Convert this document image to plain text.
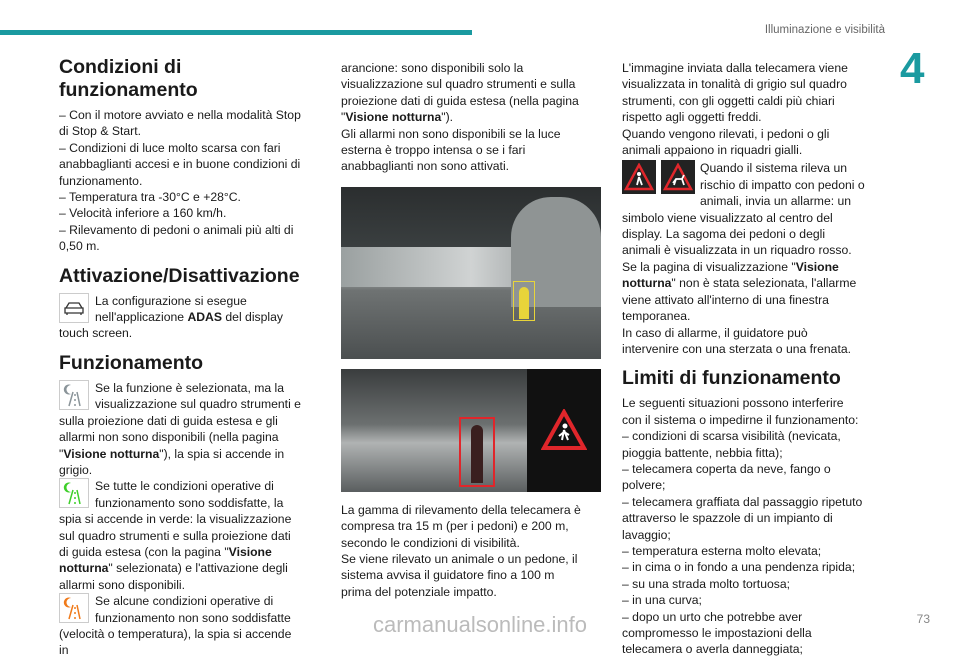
Illuminazione e visibilità
4
Condizioni di funzionamento

– Con il motore avviato e nella modalità Stop di Stop & Start.

– Condizioni di luce molto scarsa con fari anabbaglianti accesi e in buone condizioni di funzionamento.

– Temperatura tra -30°C e +28°C.

– Velocità inferiore a 160 km/h.

– Rilevamento di pedoni o animali più alti di 0,50 m.

Attivazione/Disattivazione

La configurazione si esegue nell'applicazione ADAS del display touch screen.

Funzionamento

Se la funzione è selezionata, ma la visualizzazione sul quadro strumenti e sulla proiezione dati di guida estesa e gli allarmi non sono disponibili (nella pagina "Visione notturna"), la spia si accende in grigio.

Se tutte le condizioni operative di funzionamento sono soddisfatte, la spia si accende in verde: la visualizzazione sul quadro strumenti e sulla proiezione dati di guida estesa (con la pagina "Visione notturna" selezionata) e l'attivazione degli allarmi sono disponibili.

Se alcune condizioni operative di funzionamento non sono soddisfatte (velocità o temperatura), la spia si accende in

arancione: sono disponibili solo la visualizzazione sul quadro strumenti e sulla proiezione dati di guida estesa (nella pagina "Visione notturna").

Gli allarmi non sono disponibili se la luce esterna è troppo intensa o se i fari anabbaglianti non sono attivati.

La gamma di rilevamento della telecamera è compresa tra 15 m (per i pedoni) e 200 m, secondo le condizioni di visibilità.

Se viene rilevato un animale o un pedone, il sistema avvisa il guidatore fino a 100 m prima del potenziale impatto.

L'immagine inviata dalla telecamera viene visualizzata in tonalità di grigio sul quadro strumenti, con gli oggetti caldi più chiari rispetto agli oggetti freddi.

Quando vengono rilevati, i pedoni o gli animali appaiono in riquadri gialli.

Quando il sistema rileva un rischio di impatto con pedoni o animali, invia un allarme: un simbolo viene visualizzato al centro del display. La sagoma dei pedoni o degli animali è visualizzata in un riquadro rosso.

Se la pagina di visualizzazione "Visione notturna" non è stata selezionata, l'allarme viene attivato all'interno di una finestra temporanea.

In caso di allarme, il guidatore può intervenire con una sterzata o una frenata.

Limiti di funzionamento

Le seguenti situazioni possono interferire con il sistema o impedirne il funzionamento:

– condizioni di scarsa visibilità (nevicata, pioggia battente, nebbia fitta);

– telecamera coperta da neve, fango o polvere;

– telecamera graffiata dal passaggio ripetuto attraverso le spazzole di un impianto di lavaggio;

– temperatura esterna molto elevata;

– in cima o in fondo a una pendenza ripida;

– su una strada molto tortuosa;

– in una curva;

– dopo un urto che potrebbe aver compromesso le impostazioni della telecamera o averla danneggiata;

carmanualsonline.info	73
